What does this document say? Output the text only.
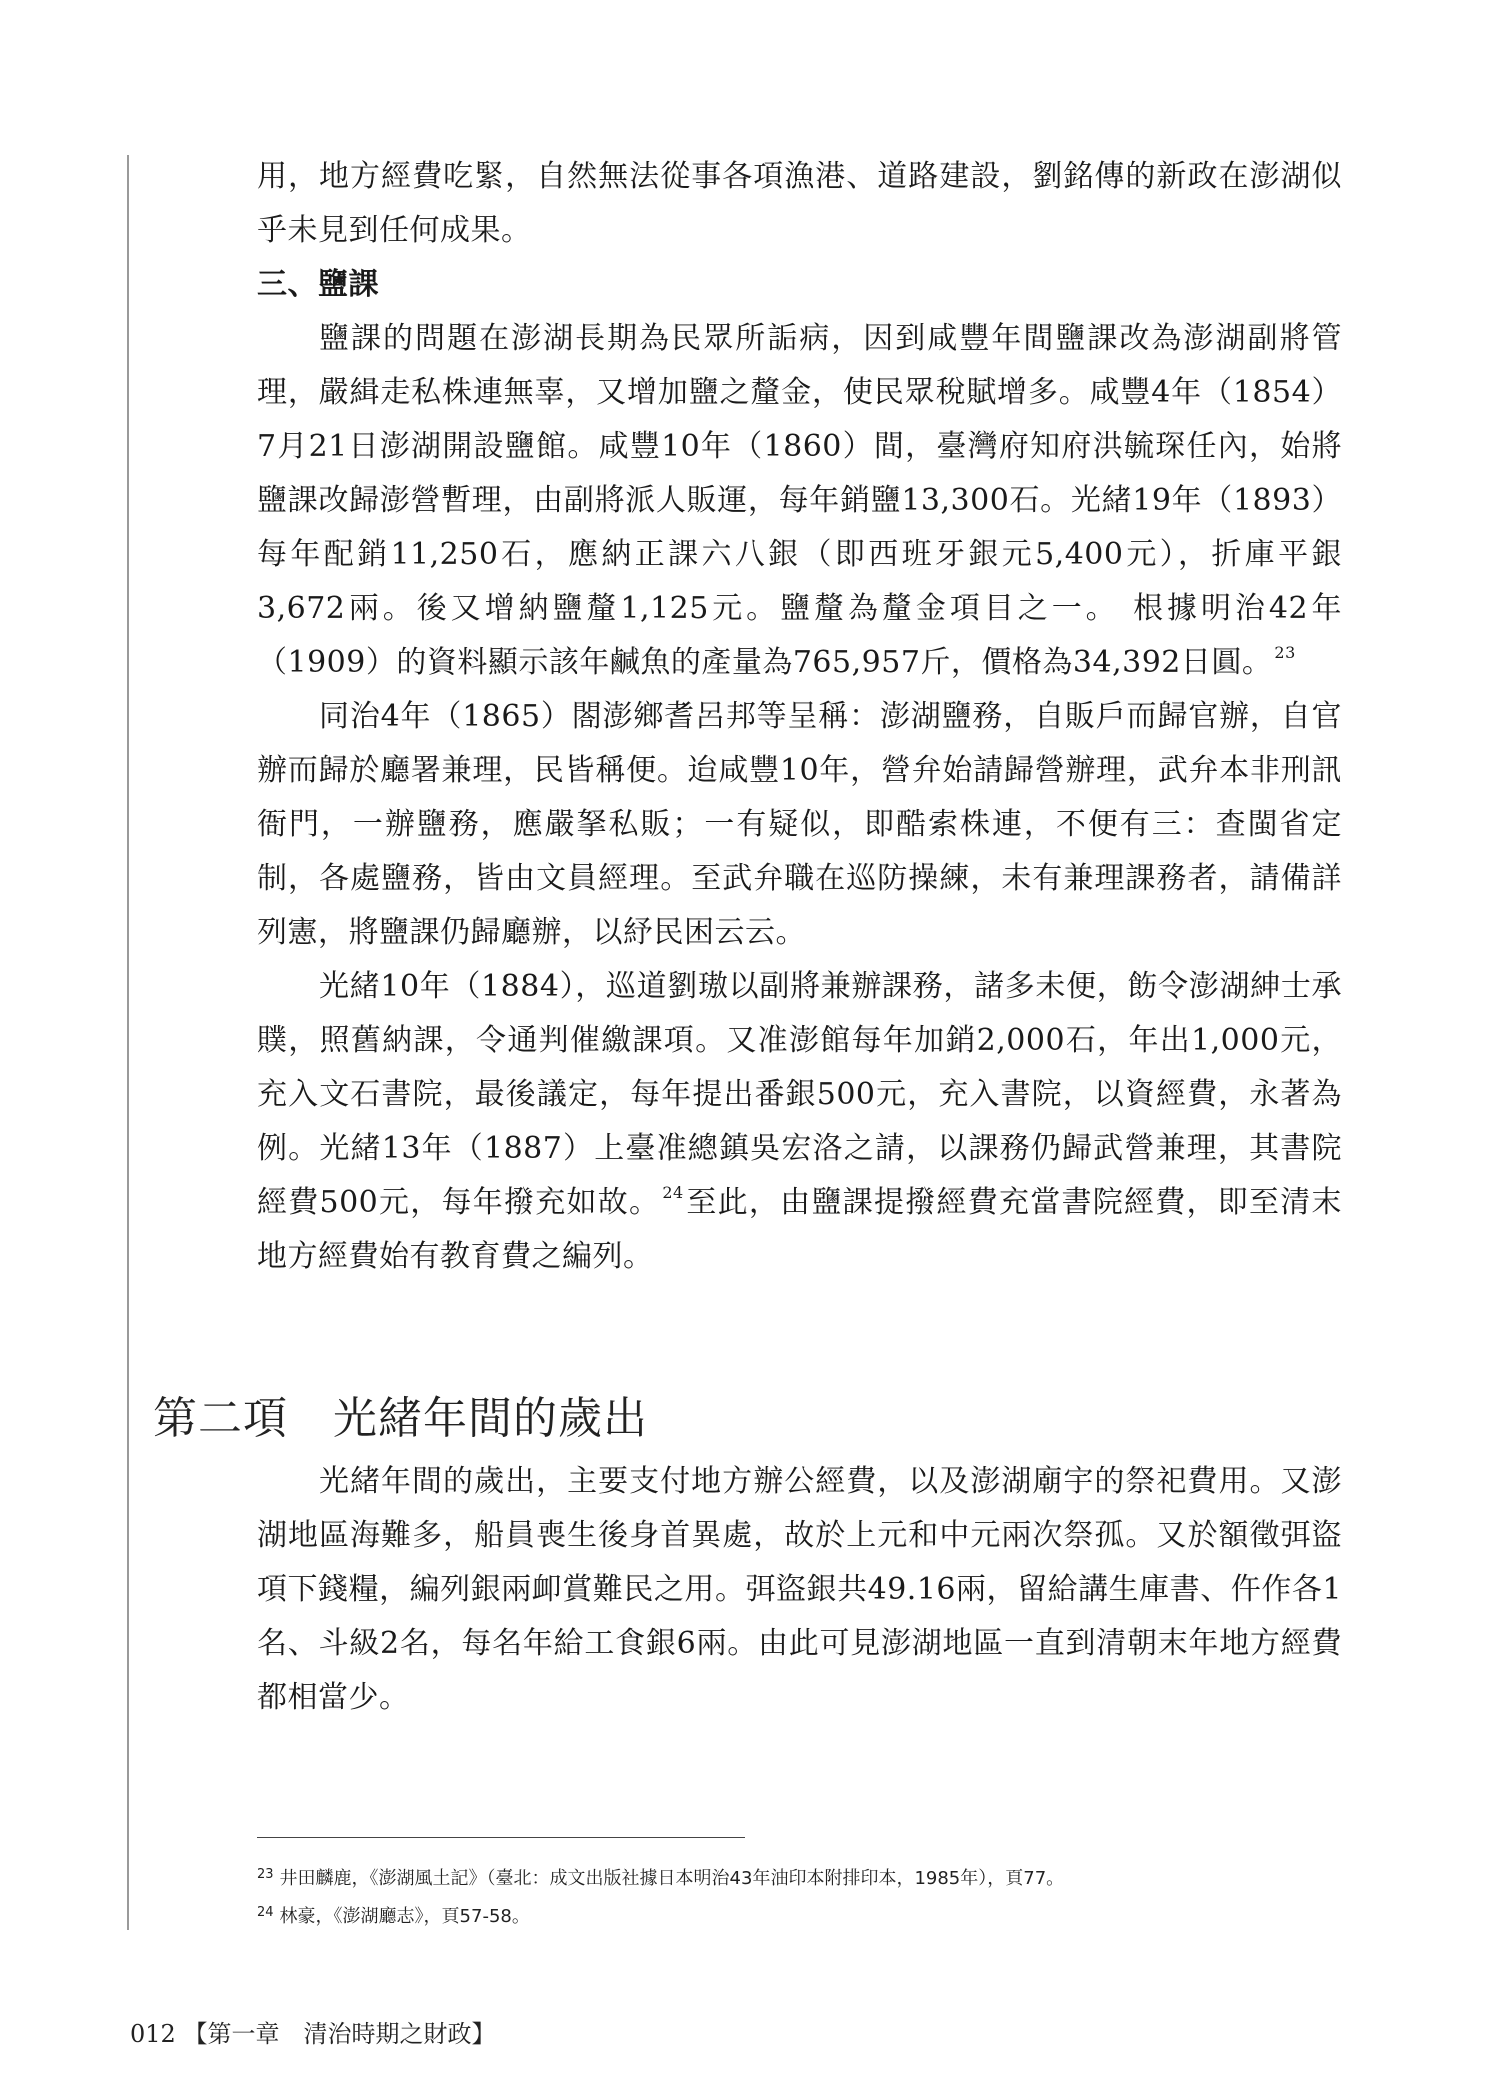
用，地方經費吃緊，自然無法從事各項漁港、道路建設，劉銘傳的新政在澎湖似乎未見到任何成果。

三、鹽課

鹽課的問題在澎湖長期為民眾所詬病，因到咸豐年間鹽課改為澎湖副將管理，嚴緝走私株連無辜，又增加鹽之釐金，使民眾稅賦增多。咸豐4年（1854）7月21日澎湖開設鹽館。咸豐10年（1860）間，臺灣府知府洪毓琛任內，始將鹽課改歸澎營暫理，由副將派人販運，每年銷鹽13,300石。光緒19年（1893）每年配銷11,250石，應納正課六八銀（即西班牙銀元5,400元），折庫平銀3,672兩。後又增納鹽釐1,125元。鹽釐為釐金項目之一。 根據明治42年（1909）的資料顯示該年鹹魚的產量為765,957斤，價格為34,392日圓。 $^{23}$

同治4年（1865）閤澎鄉耆呂邦等呈稱：澎湖鹽務，自販戶而歸官辦，自官辦而歸於廳署兼理，民皆稱便。迨咸豐10年，營弁始請歸營辦理，武弁本非刑訊衙門，一辦鹽務，應嚴拏私販；一有疑似，即酷索株連，不便有三：查閩省定制，各處鹽務，皆由文員經理。至武弁職在巡防操練，未有兼理課務者，請備詳列憲，將鹽課仍歸廳辦，以紓民困云云。

光緒10年（1884），巡道劉璈以副將兼辦課務，諸多未便，飭令澎湖紳士承贌，照舊納課，令通判催繳課項。又准澎館每年加銷2,000石，年出1,000元，充入文石書院，最後議定，每年提出番銀500元，充入書院，以資經費，永著為例。光緒13年（1887）上臺准總鎮吳宏洛之請，以課務仍歸武營兼理，其書院經費500元，每年撥充如故。 $^{24}$至此，由鹽課提撥經費充當書院經費，即至清末地方經費始有教育費之編列。

第二項　光緒年間的歲出

光緒年間的歲出，主要支付地方辦公經費，以及澎湖廟宇的祭祀費用。又澎湖地區海難多，船員喪生後身首異處，故於上元和中元兩次祭孤。又於額徵弭盜項下錢糧，編列銀兩卹賞難民之用。弭盜銀共49.16兩，留給講生庫書、仵作各1名、斗級2名，每名年給工食銀6兩。由此可見澎湖地區一直到清朝末年地方經費都相當少。

$^{23}$ 井田麟鹿，《澎湖風土記》（臺北：成文出版社據日本明治43年油印本附排印本，1985年），頁77。

$^{24}$ 林豪，《澎湖廳志》，頁57-58。

012 【第一章　清治時期之財政】
